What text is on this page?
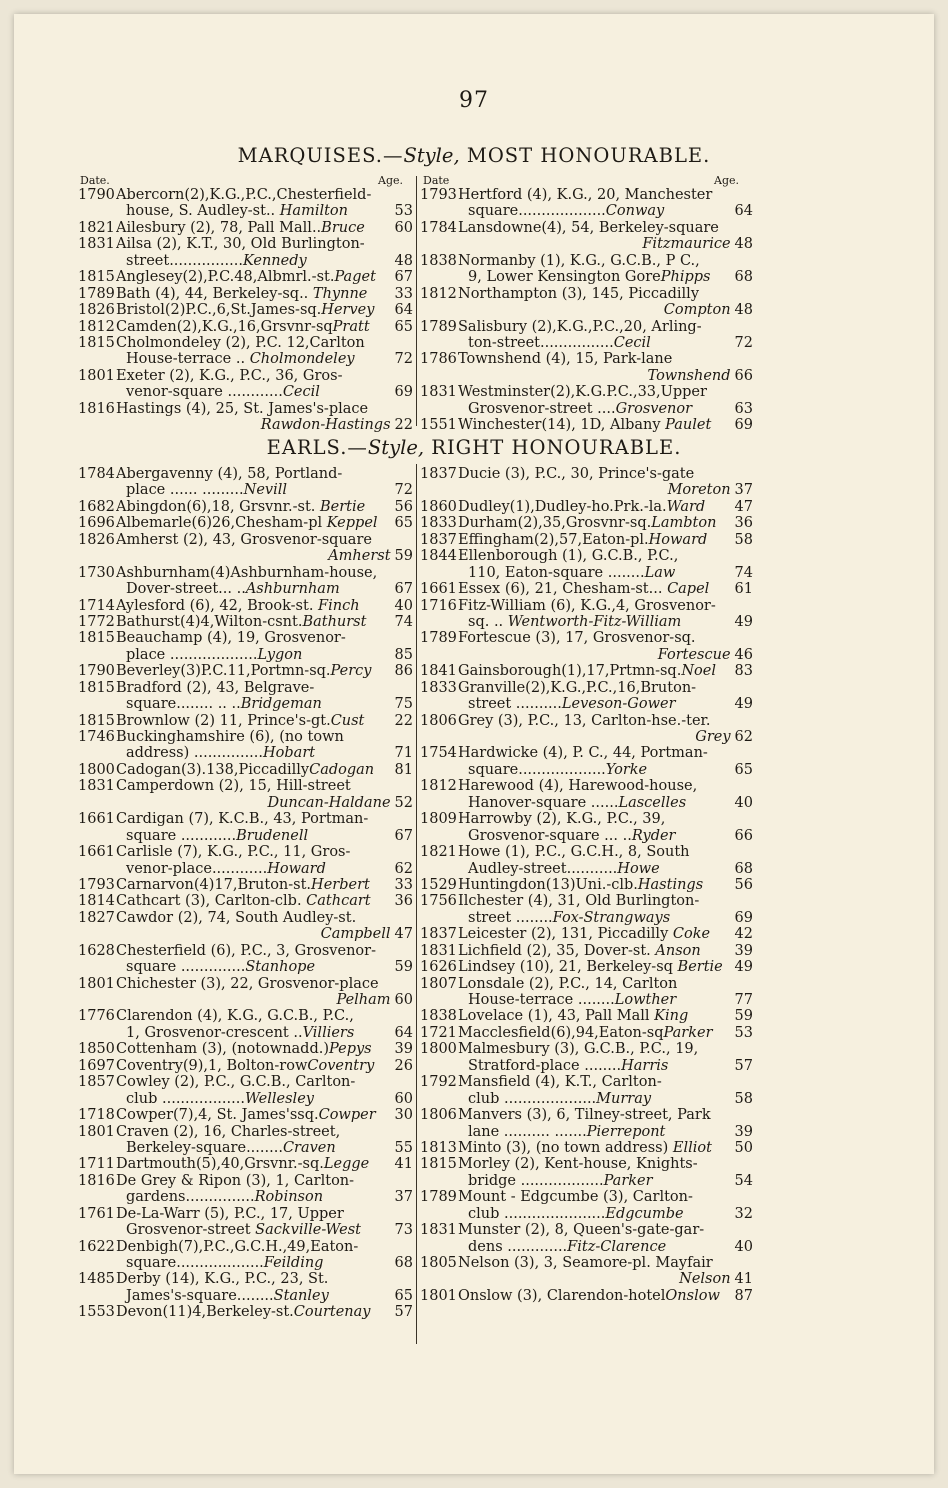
97
MARQUISES.—Style, MOST HONOURABLE.
Date.	Age. Date	Age.
1790 Abercorn(2),K.G.,P.C.,Chesterfield-
house, S. Audley-st.. Hamilton	53
1821 Ailesbury (2), 78, Pall Mall..Bruce	60
1831 Ailsa (2), K.T., 30, Old Burlington-
street................Kennedy	48
1815 Anglesey(2),P.C.48,Albmrl.-st.Paget	67
1789 Bath (4), 44, Berkeley-sq.. Thynne	33
1826 Bristol(2)P.C.,6,St.James-sq.Hervey	64
1812 Camden(2),K.G.,16,Grsvnr-sqPratt	65
1815 Cholmondeley (2), P.C. 12,Carlton
House-terrace .. Cholmondeley	72
1801 Exeter (2), K.G., P.C., 36, Gros-
venor-square ............Cecil	69
1816 Hastings (4), 25, St. James's-place
Rawdon-Hastings 22
1793 Hertford (4), K.G., 20, Manchester
square...................Conway	64
1784 Lansdowne(4), 54, Berkeley-square
Fitzmaurice 48
1838 Normanby (1), K.G., G.C.B., P C.,
9, Lower Kensington GorePhipps	68
1812 Northampton (3), 145, Piccadilly
Compton 48
1789 Salisbury (2),K.G.,P.C.,20, Arling-
ton-street................Cecil	72
1786 Townshend (4), 15, Park-lane
Townshend 66
1831 Westminster(2),K.G.P.C.,33,Upper
Grosvenor-street ....Grosvenor	63
1551 Winchester(14), 1D, Albany Paulet	69
EARLS.—Style, RIGHT HONOURABLE.
1784 Abergavenny (4), 58, Portland-
place ...... .........Nevill	72
1682 Abingdon(6),18, Grsvnr.-st. Bertie	56
1696 Albemarle(6)26,Chesham-pl Keppel	65
1826 Amherst (2), 43, Grosvenor-square
Amherst 59
1730 Ashburnham(4)Ashburnham-house,
Dover-street... ..Ashburnham	67
1714 Aylesford (6), 42, Brook-st. Finch	40
1772 Bathurst(4)4,Wilton-csnt.Bathurst	74
1815 Beauchamp (4), 19, Grosvenor-
place ...................Lygon	85
1790 Beverley(3)P.C.11,Portmn-sq.Percy	86
1815 Bradford (2), 43, Belgrave-
square........ .. ..Bridgeman	75
1815 Brownlow (2) 11, Prince's-gt.Cust	22
1746 Buckinghamshire (6), (no town
address) ...............Hobart	71
1800 Cadogan(3).138,PiccadillyCadogan	81
1831 Camperdown (2), 15, Hill-street
Duncan-Haldane 52
1661 Cardigan (7), K.C.B., 43, Portman-
square ............Brudenell	67
1661 Carlisle (7), K.G., P.C., 11, Gros-
venor-place............Howard	62
1793 Carnarvon(4)17,Bruton-st.Herbert	33
1814 Cathcart (3), Carlton-clb. Cathcart	36
1827 Cawdor (2), 74, South Audley-st.
Campbell 47
1628 Chesterfield (6), P.C., 3, Grosvenor-
square ..............Stanhope	59
1801 Chichester (3), 22, Grosvenor-place
Pelham 60
1776 Clarendon (4), K.G., G.C.B., P.C.,
1, Grosvenor-crescent ..Villiers	64
1850 Cottenham (3), (notownadd.)Pepys	39
1697 Coventry(9),1, Bolton-rowCoventry	26
1857 Cowley (2), P.C., G.C.B., Carlton-
club ..................Wellesley	60
1718 Cowper(7),4, St. James'ssq.Cowper	30
1801 Craven (2), 16, Charles-street,
Berkeley-square........Craven	55
1711 Dartmouth(5),40,Grsvnr.-sq.Legge	41
1816 De Grey & Ripon (3), 1, Carlton-
gardens...............Robinson	37
1761 De-La-Warr (5), P.C., 17, Upper
Grosvenor-street Sackville-West	73
1622 Denbigh(7),P.C.,G.C.H.,49,Eaton-
square...................Feilding	68
1485 Derby (14), K.G., P.C., 23, St.
James's-square........Stanley	65
1553 Devon(11)4,Berkeley-st.Courtenay	57
1837 Ducie (3), P.C., 30, Prince's-gate
Moreton 37
1860 Dudley(1),Dudley-ho.Prk.-la.Ward	47
1833 Durham(2),35,Grosvnr-sq.Lambton	36
1837 Effingham(2),57,Eaton-pl.Howard	58
1844 Ellenborough (1), G.C.B., P.C.,
110, Eaton-square ........Law	74
1661 Essex (6), 21, Chesham-st... Capel	61
1716 Fitz-William (6), K.G.,4, Grosvenor-
sq. .. Wentworth-Fitz-William	49
1789 Fortescue (3), 17, Grosvenor-sq.
Fortescue 46
1841 Gainsborough(1),17,Prtmn-sq.Noel	83
1833 Granville(2),K.G.,P.C.,16,Bruton-
street ..........Leveson-Gower	49
1806 Grey (3), P.C., 13, Carlton-hse.-ter.
Grey 62
1754 Hardwicke (4), P. C., 44, Portman-
square...................Yorke	65
1812 Harewood (4), Harewood-house,
Hanover-square ......Lascelles	40
1809 Harrowby (2), K.G., P.C., 39,
Grosvenor-square ... ..Ryder	66
1821 Howe (1), P.C., G.C.H., 8, South
Audley-street...........Howe	68
1529 Huntingdon(13)Uni.-clb.Hastings	56
1756 Ilchester (4), 31, Old Burlington-
street ........Fox-Strangways	69
1837 Leicester (2), 131, Piccadilly Coke	42
1831 Lichfield (2), 35, Dover-st. Anson	39
1626 Lindsey (10), 21, Berkeley-sq Bertie 49
1807 Lonsdale (2), P.C., 14, Carlton
House-terrace ........Lowther	77
1838 Lovelace (1), 43, Pall Mall King	59
1721 Macclesfield(6),94,Eaton-sqParker	53
1800 Malmesbury (3), G.C.B., P.C., 19,
Stratford-place ........Harris	57
1792 Mansfield (4), K.T., Carlton-
club ....................Murray	58
1806 Manvers (3), 6, Tilney-street, Park
lane .......... .......Pierrepont	39
1813 Minto (3), (no town address) Elliot	50
1815 Morley (2), Kent-house, Knights-
bridge ..................Parker	54
1789 Mount - Edgcumbe (3), Carlton-
club ......................Edgcumbe	32
1831 Munster (2), 8, Queen's-gate-gar-
dens .............Fitz-Clarence	40
1805 Nelson (3), 3, Seamore-pl. Mayfair
Nelson 41
1801 Onslow (3), Clarendon-hotelOnslow	87
